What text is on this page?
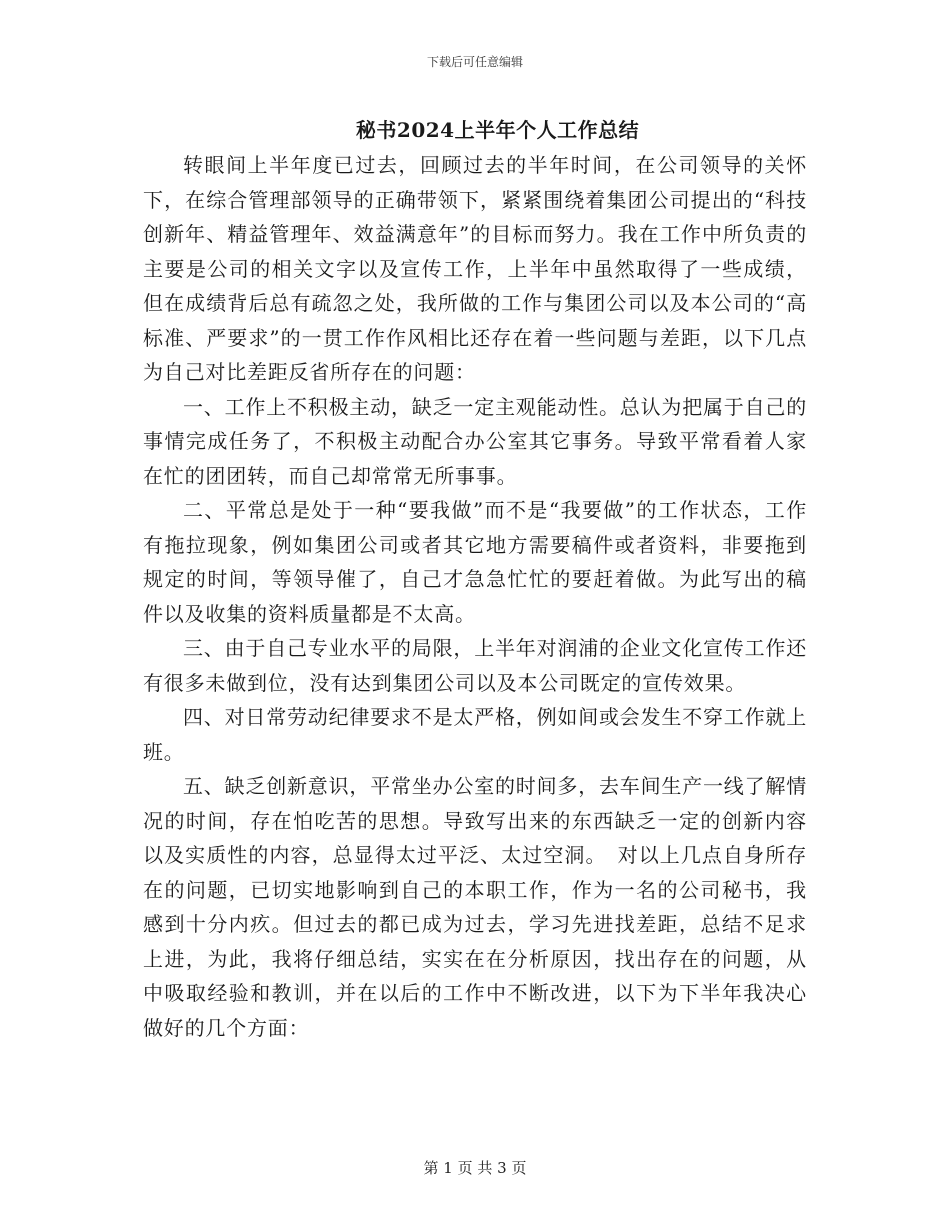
下载后可任意编辑
秘书2024上半年个人工作总结

转眼间上半年度已过去，回顾过去的半年时间，在公司领导的关怀下，在综合管理部领导的正确带领下，紧紧围绕着集团公司提出的“科技创新年、精益管理年、效益满意年”的目标而努力。我在工作中所负责的主要是公司的相关文字以及宣传工作，上半年中虽然取得了一些成绩，但在成绩背后总有疏忽之处，我所做的工作与集团公司以及本公司的“高标准、严要求”的一贯工作作风相比还存在着一些问题与差距，以下几点为自己对比差距反省所存在的问题：

一、工作上不积极主动，缺乏一定主观能动性。总认为把属于自己的事情完成任务了，不积极主动配合办公室其它事务。导致平常看着人家在忙的团团转，而自己却常常无所事事。

二、平常总是处于一种“要我做”而不是“我要做”的工作状态，工作有拖拉现象，例如集团公司或者其它地方需要稿件或者资料，非要拖到规定的时间，等领导催了，自己才急急忙忙的要赶着做。为此写出的稿件以及收集的资料质量都是不太高。

三、由于自己专业水平的局限，上半年对润浦的企业文化宣传工作还有很多未做到位，没有达到集团公司以及本公司既定的宣传效果。

四、对日常劳动纪律要求不是太严格，例如间或会发生不穿工作就上班。

五、缺乏创新意识，平常坐办公室的时间多，去车间生产一线了解情况的时间，存在怕吃苦的思想。导致写出来的东西缺乏一定的创新内容以及实质性的内容，总显得太过平泛、太过空洞。　对以上几点自身所存在的问题，已切实地影响到自己的本职工作，作为一名的公司秘书，我感到十分内疚。但过去的都已成为过去，学习先进找差距，总结不足求上进，为此，我将仔细总结，实实在在分析原因，找出存在的问题，从中吸取经验和教训，并在以后的工作中不断改进，以下为下半年我决心做好的几个方面：

第 1 页 共 3 页
